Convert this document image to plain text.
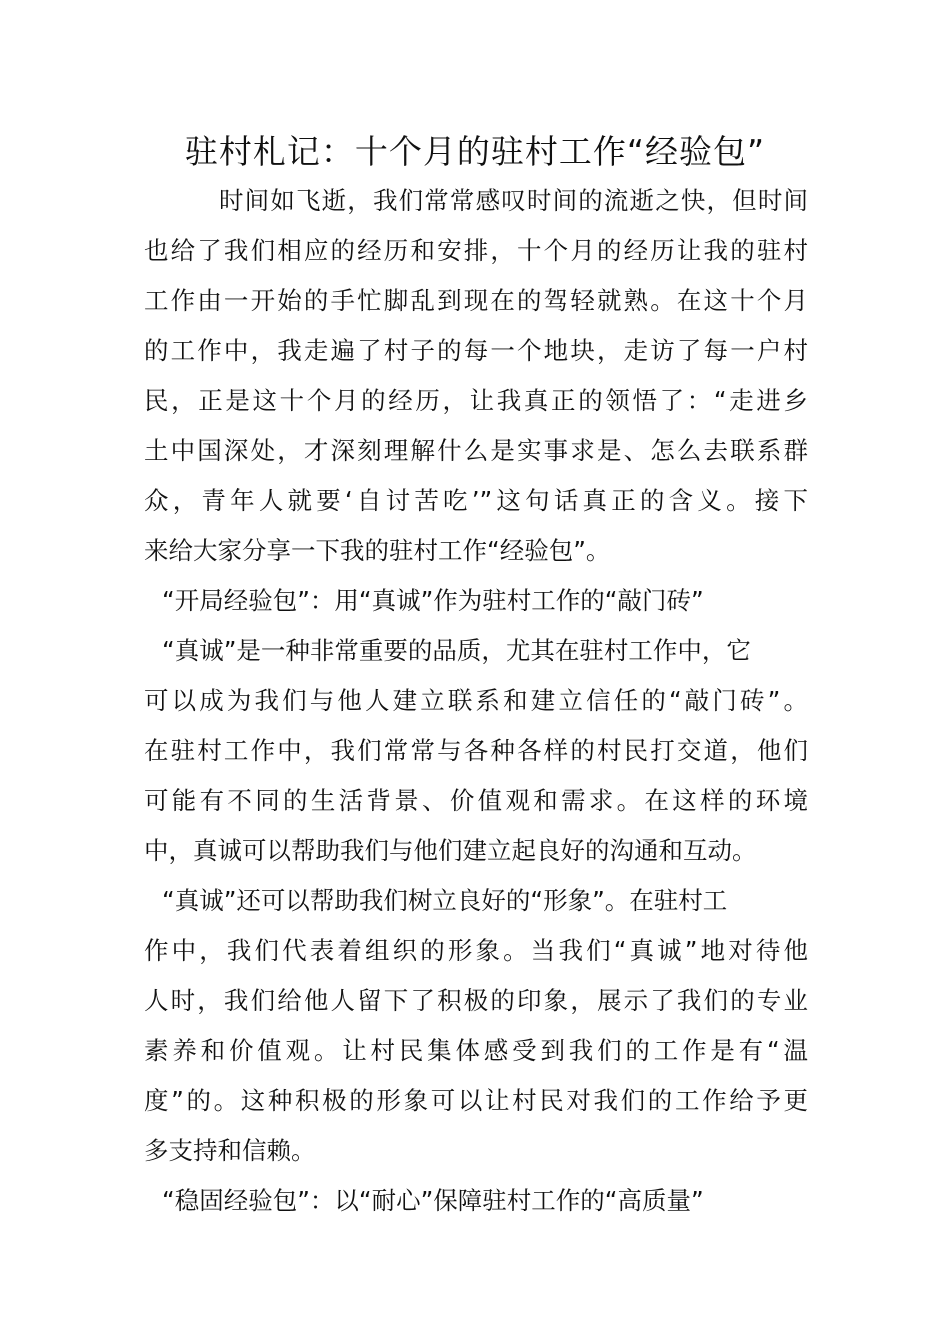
驻村札记：十个月的驻村工作“经验包”
时间如飞逝，我们常常感叹时间的流逝之快，但时间
也给了我们相应的经历和安排，十个月的经历让我的驻村
工作由一开始的手忙脚乱到现在的驾轻就熟。在这十个月
的工作中，我走遍了村子的每一个地块，走访了每一户村
民，正是这十个月的经历，让我真正的领悟了：“走进乡
土中国深处，才深刻理解什么是实事求是、怎么去联系群
众，青年人就要‘自讨苦吃’”这句话真正的含义。接下
来给大家分享一下我的驻村工作“经验包”。
“开局经验包”：用“真诚”作为驻村工作的“敲门砖”
“真诚”是一种非常重要的品质，尤其在驻村工作中，它
可以成为我们与他人建立联系和建立信任的“敲门砖”。
在驻村工作中，我们常常与各种各样的村民打交道，他们
可能有不同的生活背景、价值观和需求。在这样的环境
中，真诚可以帮助我们与他们建立起良好的沟通和互动。
“真诚”还可以帮助我们树立良好的“形象”。在驻村工
作中，我们代表着组织的形象。当我们“真诚”地对待他
人时，我们给他人留下了积极的印象，展示了我们的专业
素养和价值观。让村民集体感受到我们的工作是有“温
度”的。这种积极的形象可以让村民对我们的工作给予更
多支持和信赖。
“稳固经验包”：以“耐心”保障驻村工作的“高质量”
